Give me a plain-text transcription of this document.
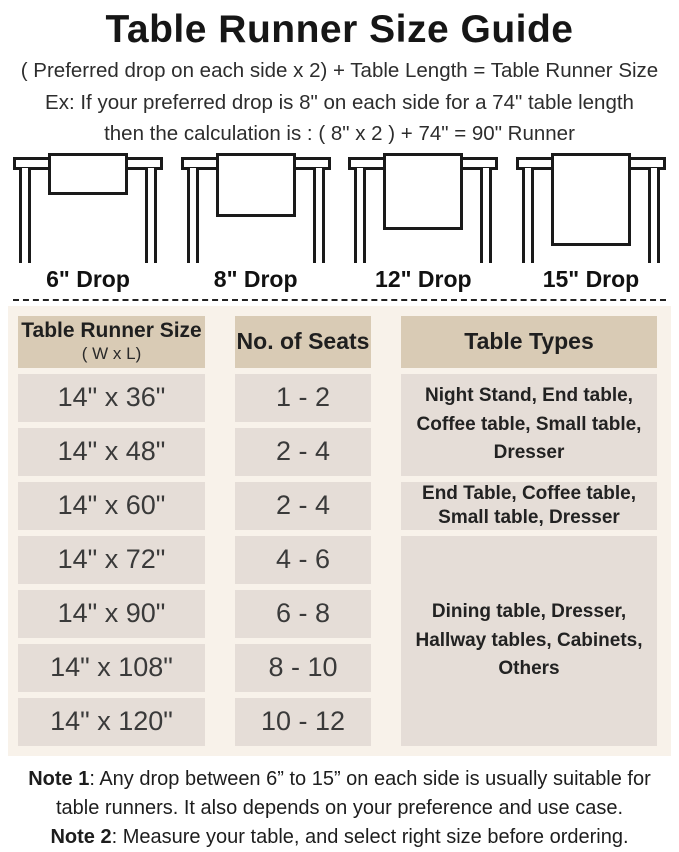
Table Runner Size Guide
( Preferred drop on each side x 2) + Table Length = Table Runner Size
Ex: If your preferred drop is 8" on each side for a 74" table length
then the calculation is : ( 8" x 2 ) + 74" = 90" Runner
6" Drop	8" Drop	12" Drop	15" Drop
Table Runner Size
( W x L)	No. of Seats	Table Types
14" x 36"	1 - 2	Night Stand, End table, Coffee table, Small table, Dresser
14" x 48"	2 - 4
14" x 60"	2 - 4	End Table, Coffee table, Small table, Dresser
14" x 72"	4 - 6
Dining table, Dresser, Hallway tables, Cabinets, Others
14" x 90"	6 - 8
14" x 108"	8 - 10
14" x 120"	10 - 12
Note 1: Any drop between 6” to 15” on each side is usually suitable for table runners. It also depends on your preference and use case.
Note 2: Measure your table, and select right size before ordering.
